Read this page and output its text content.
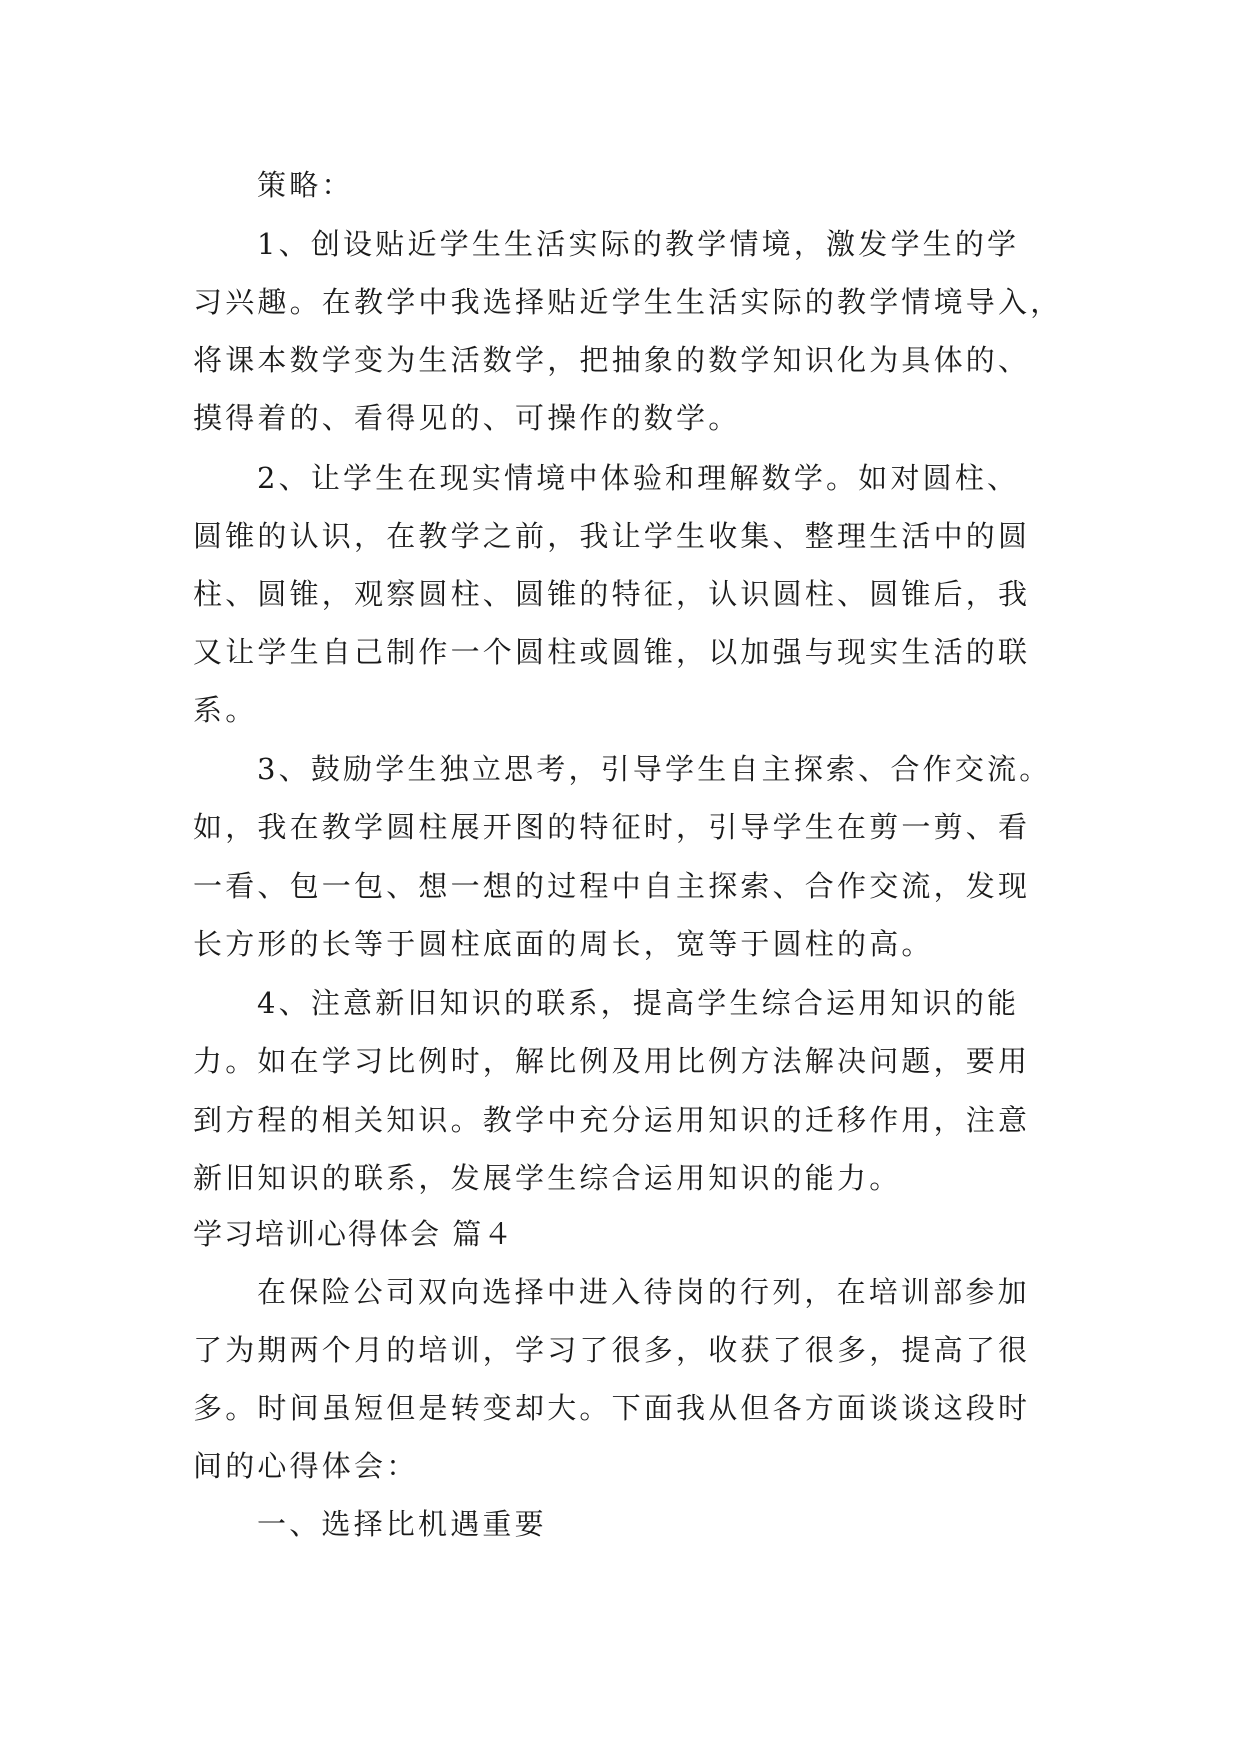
策略：
1、创设贴近学生生活实际的教学情境，激发学生的学
习兴趣。在教学中我选择贴近学生生活实际的教学情境导入，
将课本数学变为生活数学，把抽象的数学知识化为具体的、
摸得着的、看得见的、可操作的数学。
2、让学生在现实情境中体验和理解数学。如对圆柱、
圆锥的认识，在教学之前，我让学生收集、整理生活中的圆
柱、圆锥，观察圆柱、圆锥的特征，认识圆柱、圆锥后，我
又让学生自己制作一个圆柱或圆锥，以加强与现实生活的联
系。
3、鼓励学生独立思考，引导学生自主探索、合作交流。
如，我在教学圆柱展开图的特征时，引导学生在剪一剪、看
一看、包一包、想一想的过程中自主探索、合作交流，发现
长方形的长等于圆柱底面的周长，宽等于圆柱的高。
4、注意新旧知识的联系，提高学生综合运用知识的能
力。如在学习比例时，解比例及用比例方法解决问题，要用
到方程的相关知识。教学中充分运用知识的迁移作用，注意
新旧知识的联系，发展学生综合运用知识的能力。
学习培训心得体会 篇４
在保险公司双向选择中进入待岗的行列，在培训部参加
了为期两个月的培训，学习了很多，收获了很多，提高了很
多。时间虽短但是转变却大。下面我从但各方面谈谈这段时
间的心得体会：
一、选择比机遇重要
